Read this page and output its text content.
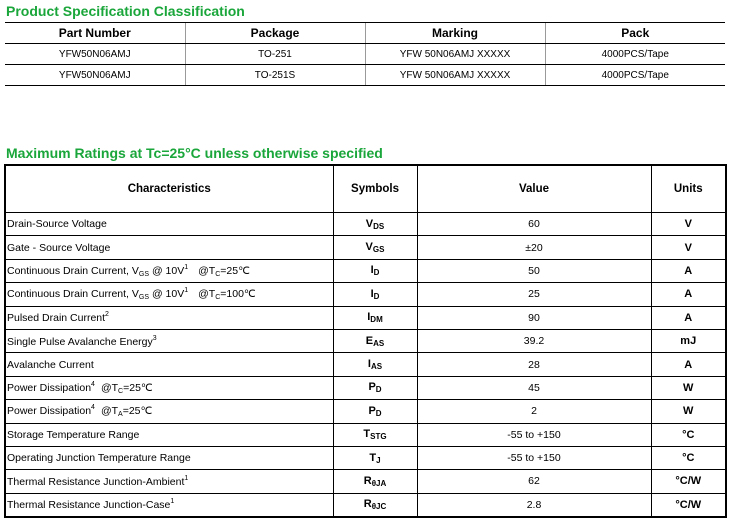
Product Specification Classification
Part Number	Package	Marking	Pack
YFW50N06AMJ	TO-251	YFW 50N06AMJ XXXXX	4000PCS/Tape
YFW50N06AMJ	TO-251S	YFW 50N06AMJ XXXXX	4000PCS/Tape
Maximum Ratings at Tc=25°C unless otherwise specified
Characteristics	Symbols	Value	Units
Drain-Source Voltage	$V_{DS}$	60	V
Gate - Source Voltage	$V_{GS}$	±20	V
Continuous Drain Current, $V_{GS}$ @ $10V^1$ $@T_C=25℃$	$I_D$	50	A
Continuous Drain Current, $V_{GS}$ @ $10V^1$ $@T_C=100℃$	$I_D$	25	A
Pulsed Drain Current$^2$	$I_{DM}$	90	A
Single Pulse Avalanche Energy$^3$	$E_{AS}$	39.2	mJ
Avalanche Current	$I_{AS}$	28	A
Power Dissipation$^4$ $@T_C=25℃$	$P_D$	45	W
Power Dissipation$^4$ $@T_A=25℃$	$P_D$	2	W
Storage Temperature Range	$T_{STG}$	-55 to +150	°C
Operating Junction Temperature Range	$T_J$	-55 to +150	°C
Thermal Resistance Junction-Ambient$^1$	$R_{\theta JA}$	62	°C/W
Thermal Resistance Junction-Case$^1$	$R_{\theta JC}$	2.8	°C/W
